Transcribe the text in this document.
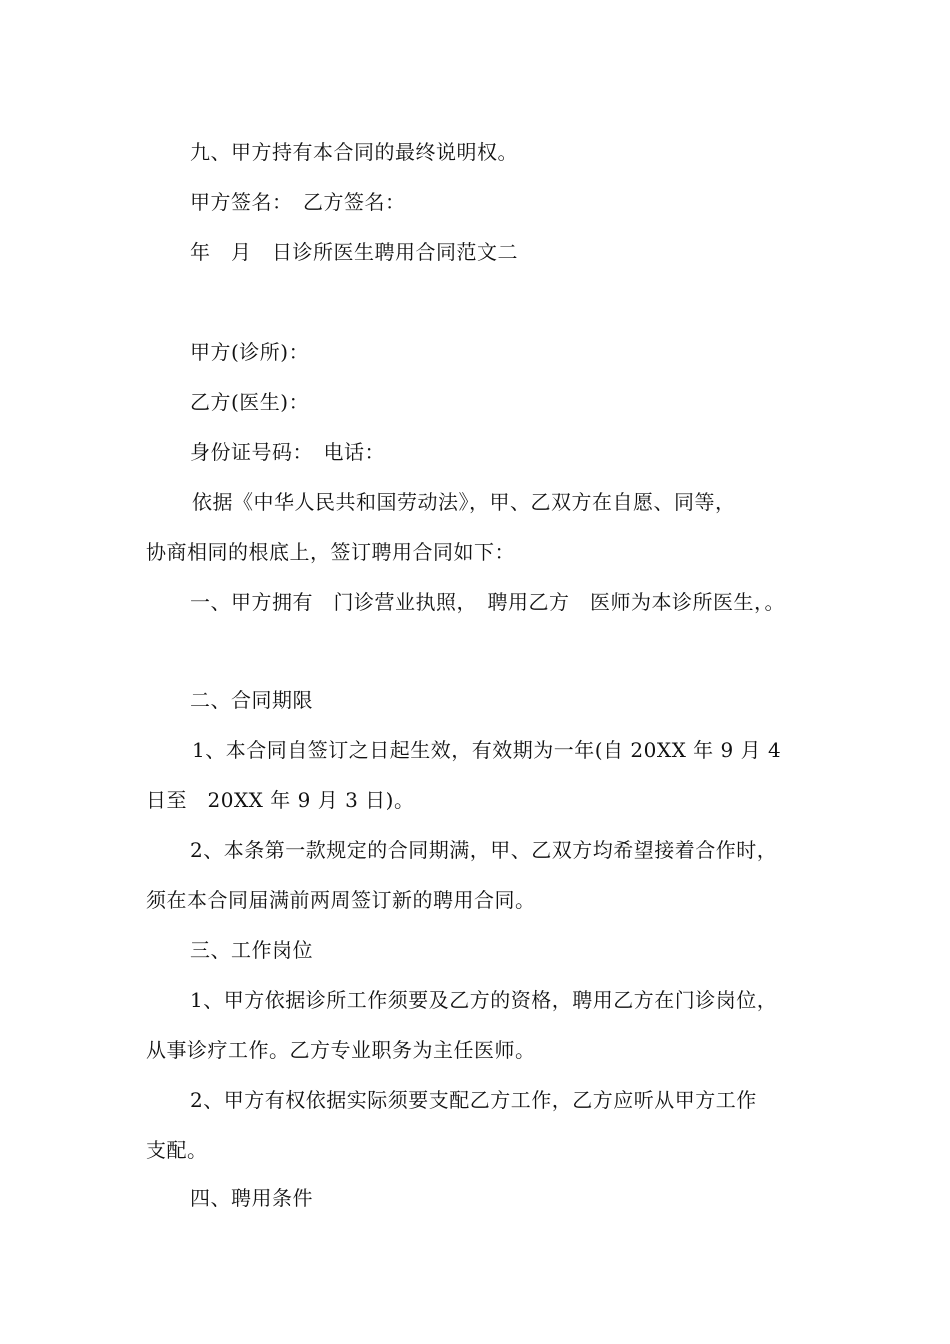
九、甲方持有本合同的最终说明权。
甲方签名：　乙方签名：
年　月　日诊所医生聘用合同范文二
甲方(诊所)：
乙方(医生)：
身份证号码：　电话：
依据《中华人民共和国劳动法》，甲、乙双方在自愿、同等，
协商相同的根底上，签订聘用合同如下：
一、甲方拥有　门诊营业执照，　聘用乙方　医师为本诊所医生，。
二、合同期限
1、本合同自签订之日起生效，有效期为一年(自 20XX 年 9 月 4
日至　20XX 年 9 月 3 日)。
2、本条第一款规定的合同期满，甲、乙双方均希望接着合作时，
须在本合同届满前两周签订新的聘用合同。
三、工作岗位
1、甲方依据诊所工作须要及乙方的资格，聘用乙方在门诊岗位，
从事诊疗工作。乙方专业职务为主任医师。
2、甲方有权依据实际须要支配乙方工作，乙方应听从甲方工作
支配。
四、聘用条件
